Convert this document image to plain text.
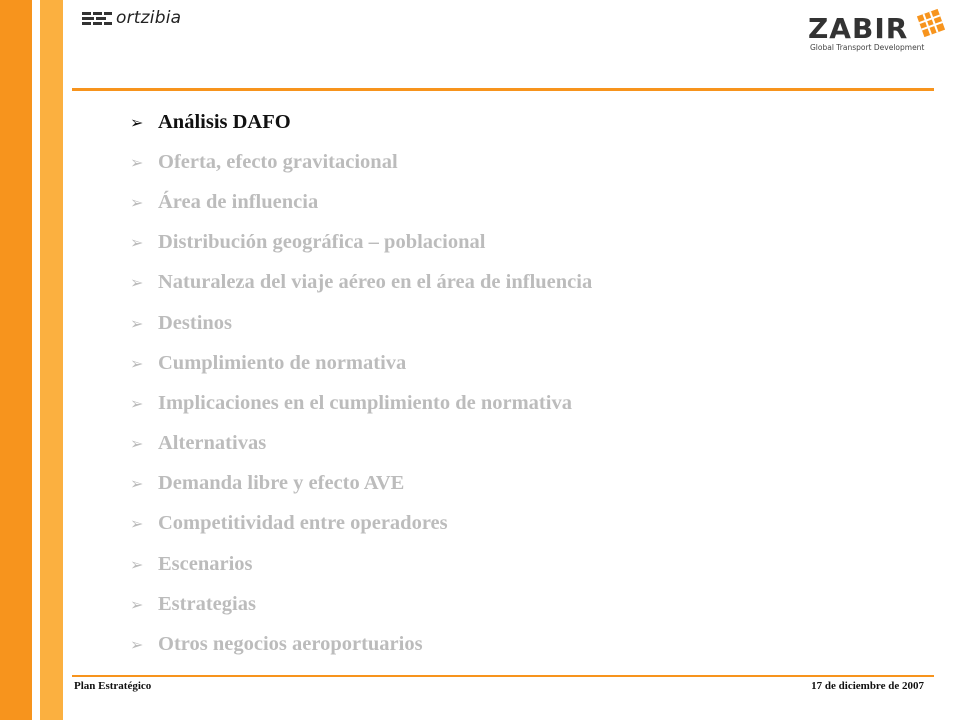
ortzibia	ZABIR
Global Transport Development
➢ Análisis DAFO
➢ Oferta, efecto gravitacional
➢ Área de influencia
➢ Distribución geográfica – poblacional
➢ Naturaleza del viaje aéreo en el área de influencia
➢ Destinos
➢ Cumplimiento de normativa
➢ Implicaciones en el cumplimiento de normativa
➢ Alternativas
➢ Demanda libre y efecto AVE
➢ Competitividad entre operadores
➢ Escenarios
➢ Estrategias
➢ Otros negocios aeroportuarios
Plan Estratégico	17 de diciembre de 2007
